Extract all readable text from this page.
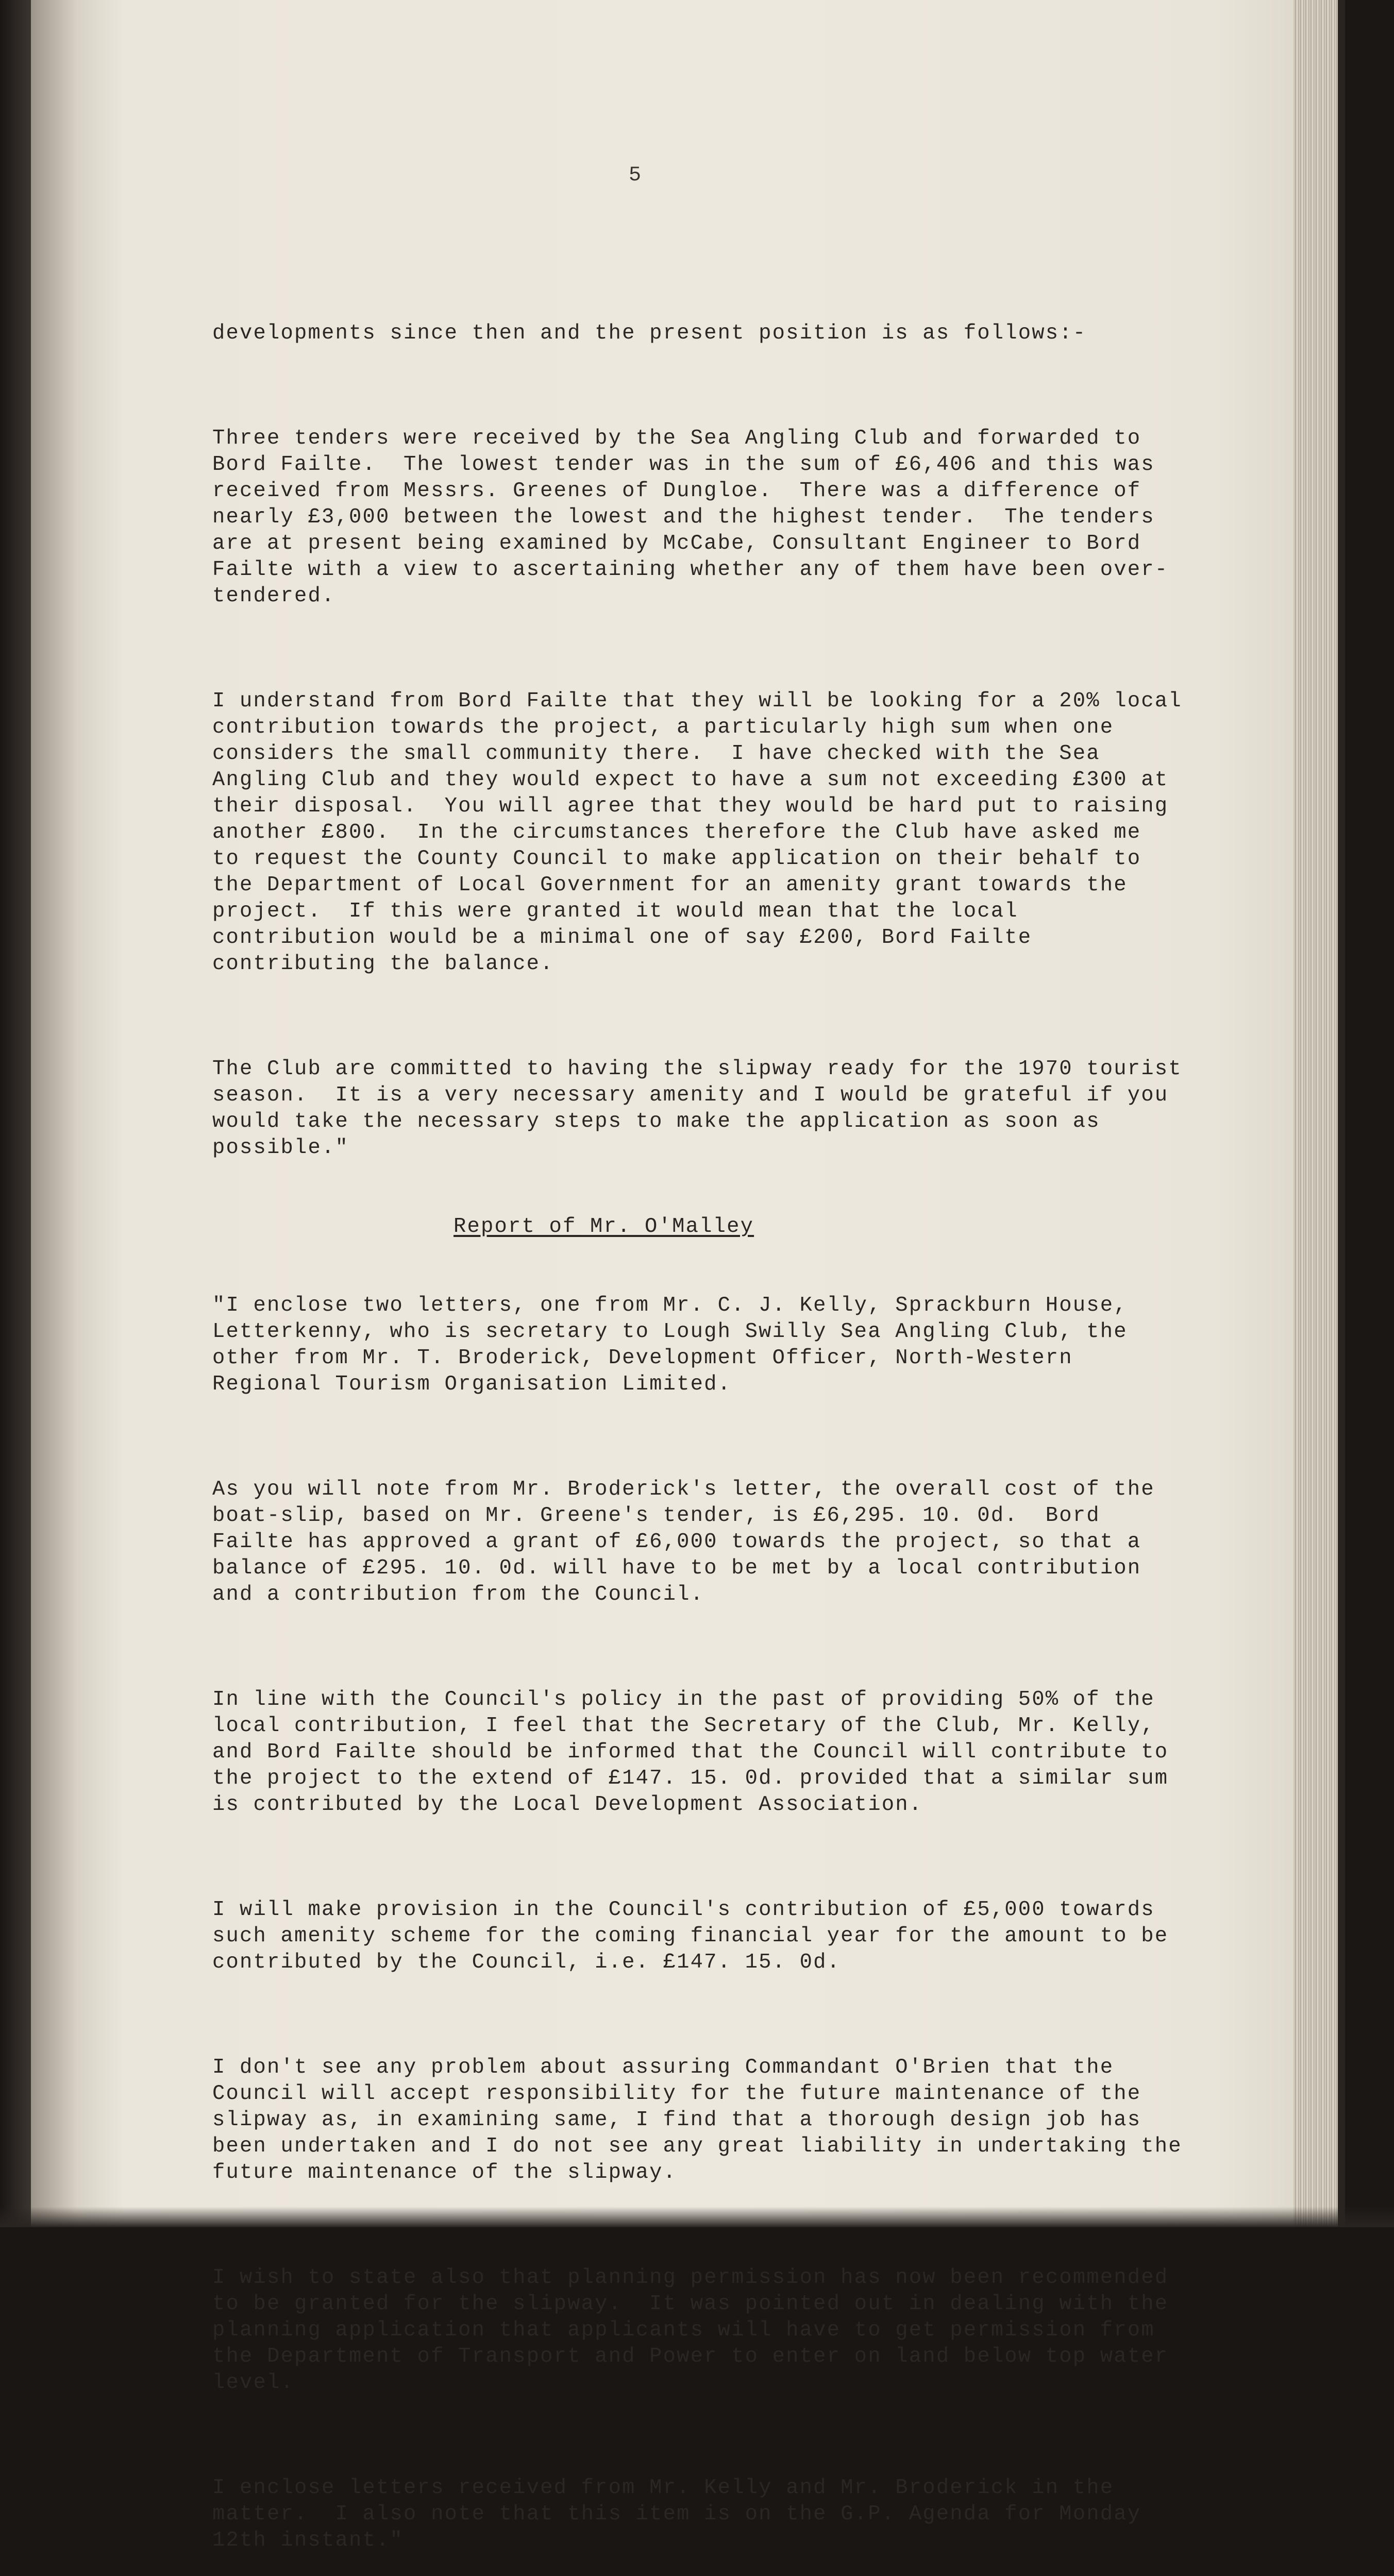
5

developments since then and the present position is as follows:-

Three tenders were received by the Sea Angling Club and forwarded to
Bord Failte.  The lowest tender was in the sum of £6,406 and this was
received from Messrs. Greenes of Dungloe.  There was a difference of
nearly £3,000 between the lowest and the highest tender.  The tenders
are at present being examined by McCabe, Consultant Engineer to Bord
Failte with a view to ascertaining whether any of them have been over-
tendered.

I understand from Bord Failte that they will be looking for a 20% local
contribution towards the project, a particularly high sum when one
considers the small community there.  I have checked with the Sea
Angling Club and they would expect to have a sum not exceeding £300 at
their disposal.  You will agree that they would be hard put to raising
another £800.  In the circumstances therefore the Club have asked me
to request the County Council to make application on their behalf to
the Department of Local Government for an amenity grant towards the
project.  If this were granted it would mean that the local
contribution would be a minimal one of say £200, Bord Failte
contributing the balance.

The Club are committed to having the slipway ready for the 1970 tourist
season.  It is a very necessary amenity and I would be grateful if you
would take the necessary steps to make the application as soon as
possible."

Report of Mr. O'Malley

"I enclose two letters, one from Mr. C. J. Kelly, Sprackburn House,
Letterkenny, who is secretary to Lough Swilly Sea Angling Club, the
other from Mr. T. Broderick, Development Officer, North-Western
Regional Tourism Organisation Limited.

As you will note from Mr. Broderick's letter, the overall cost of the
boat-slip, based on Mr. Greene's tender, is £6,295. 10. 0d.  Bord
Failte has approved a grant of £6,000 towards the project, so that a
balance of £295. 10. 0d. will have to be met by a local contribution
and a contribution from the Council.

In line with the Council's policy in the past of providing 50% of the
local contribution, I feel that the Secretary of the Club, Mr. Kelly,
and Bord Failte should be informed that the Council will contribute to
the project to the extend of £147. 15. 0d. provided that a similar sum
is contributed by the Local Development Association.

I will make provision in the Council's contribution of £5,000 towards
such amenity scheme for the coming financial year for the amount to be
contributed by the Council, i.e. £147. 15. 0d.

I don't see any problem about assuring Commandant O'Brien that the
Council will accept responsibility for the future maintenance of the
slipway as, in examining same, I find that a thorough design job has
been undertaken and I do not see any great liability in undertaking the
future maintenance of the slipway.

I wish to state also that planning permission has now been recommended
to be granted for the slipway.  It was pointed out in dealing with the
planning application that applicants will have to get permission from
the Department of Transport and Power to enter on land below top water
level.

I enclose letters received from Mr. Kelly and Mr. Broderick in the
matter.  I also note that this item is on the G.P. Agenda for Monday
12th instant."
